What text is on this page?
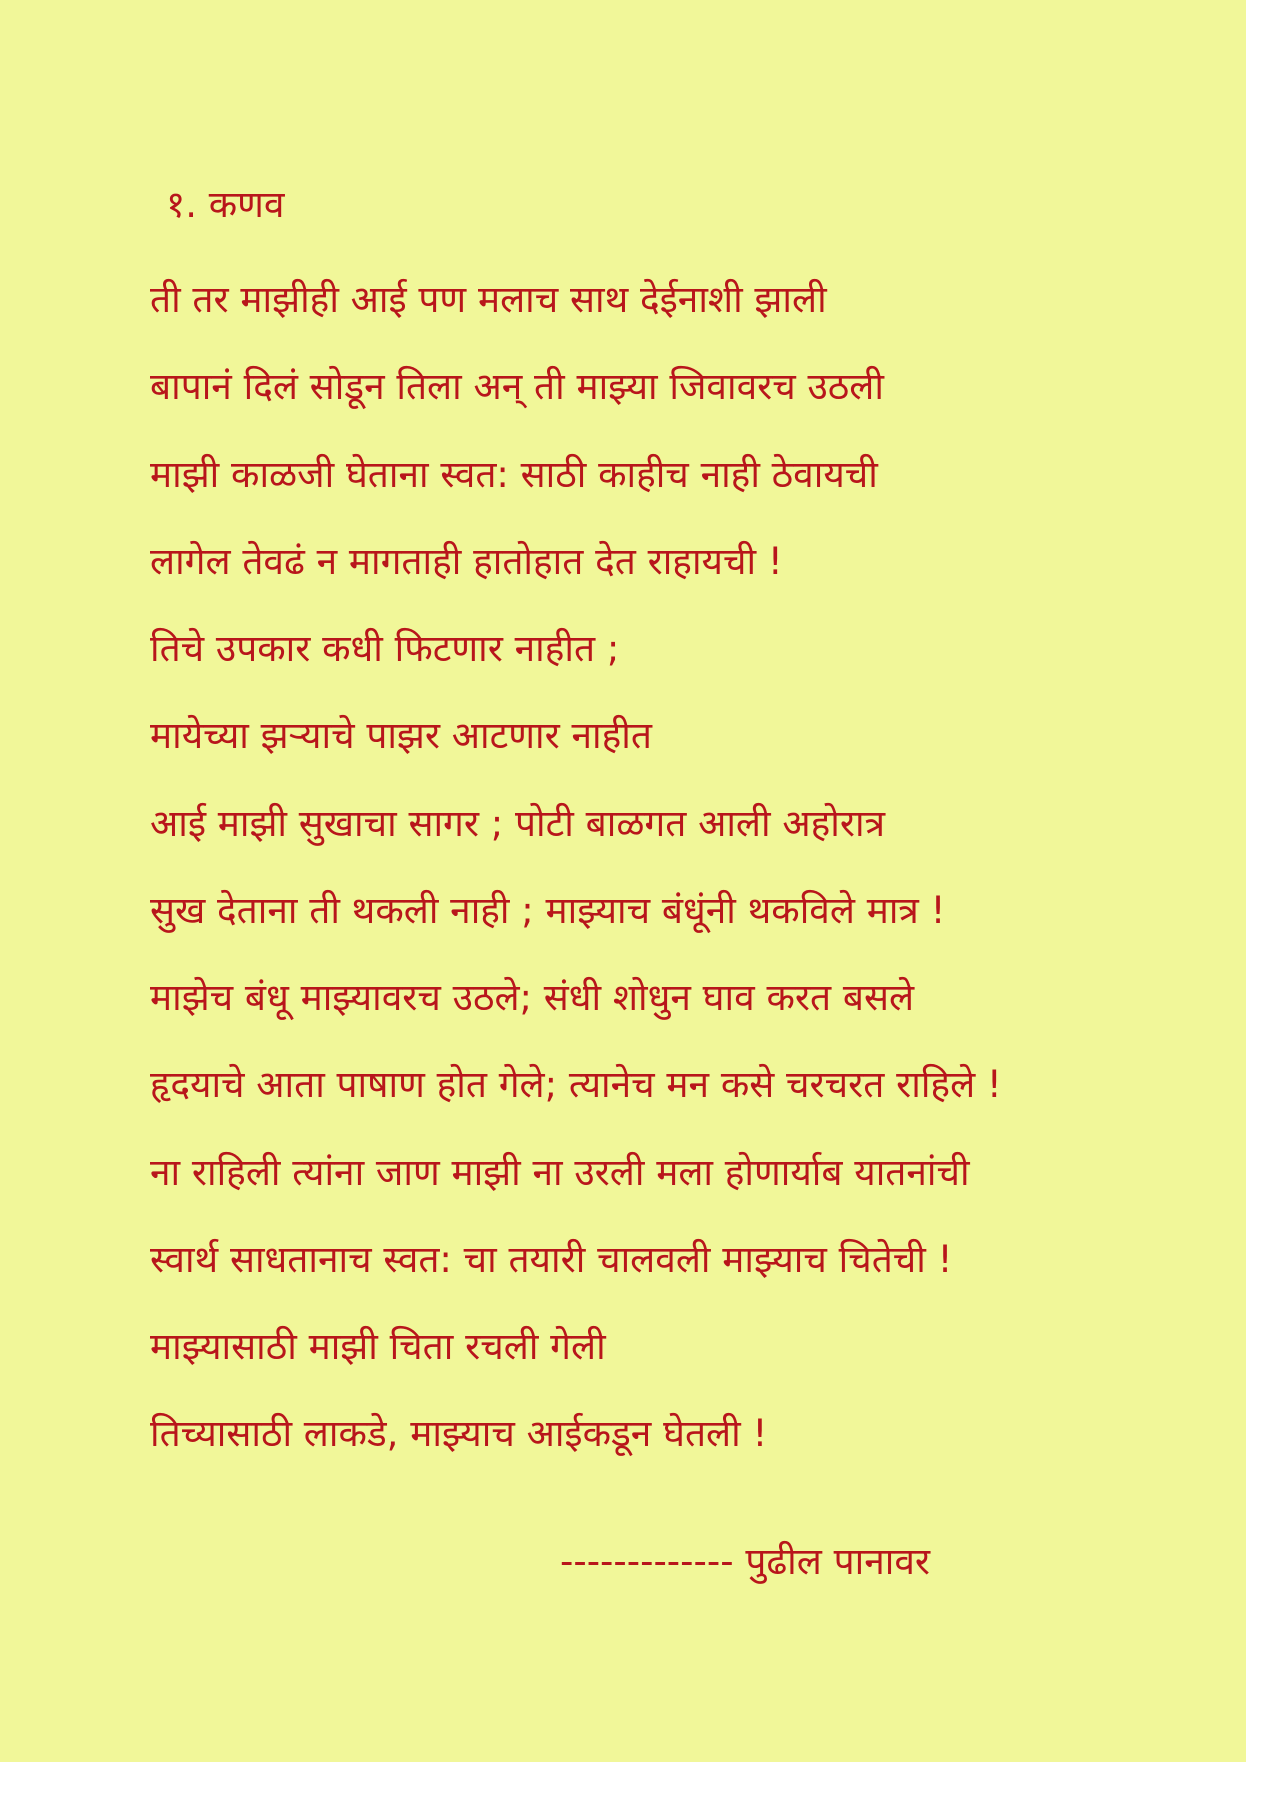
१. कणव
ती तर माझीही आई पण मलाच साथ देईनाशी झाली
बापानं दिलं सोडून तिला अन् ती माझ्या जिवावरच उठली
माझी काळजी घेताना स्वत: साठी काहीच नाही ठेवायची
लागेल तेवढं न मागताही हातोहात देत राहायची !
तिचे उपकार कधी फिटणार नाहीत ;
मायेच्या झऱ्याचे पाझर आटणार नाहीत
आई माझी सुखाचा सागर ; पोटी बाळगत आली अहोरात्र
सुख देताना ती थकली नाही ; माझ्याच बंधूंनी थकविले मात्र !
माझेच बंधू माझ्यावरच उठले; संधी शोधुन घाव करत बसले
हृदयाचे आता पाषाण होत गेले; त्यानेच मन कसे चरचरत राहिले !
ना राहिली त्यांना जाण माझी ना उरली मला होणार्याब यातनांची
स्वार्थ साधतानाच स्वत: चा तयारी चालवली माझ्याच चितेची !
माझ्यासाठी माझी चिता रचली गेली
तिच्यासाठी लाकडे, माझ्याच आईकडून घेतली !
------------- पुढील पानावर
